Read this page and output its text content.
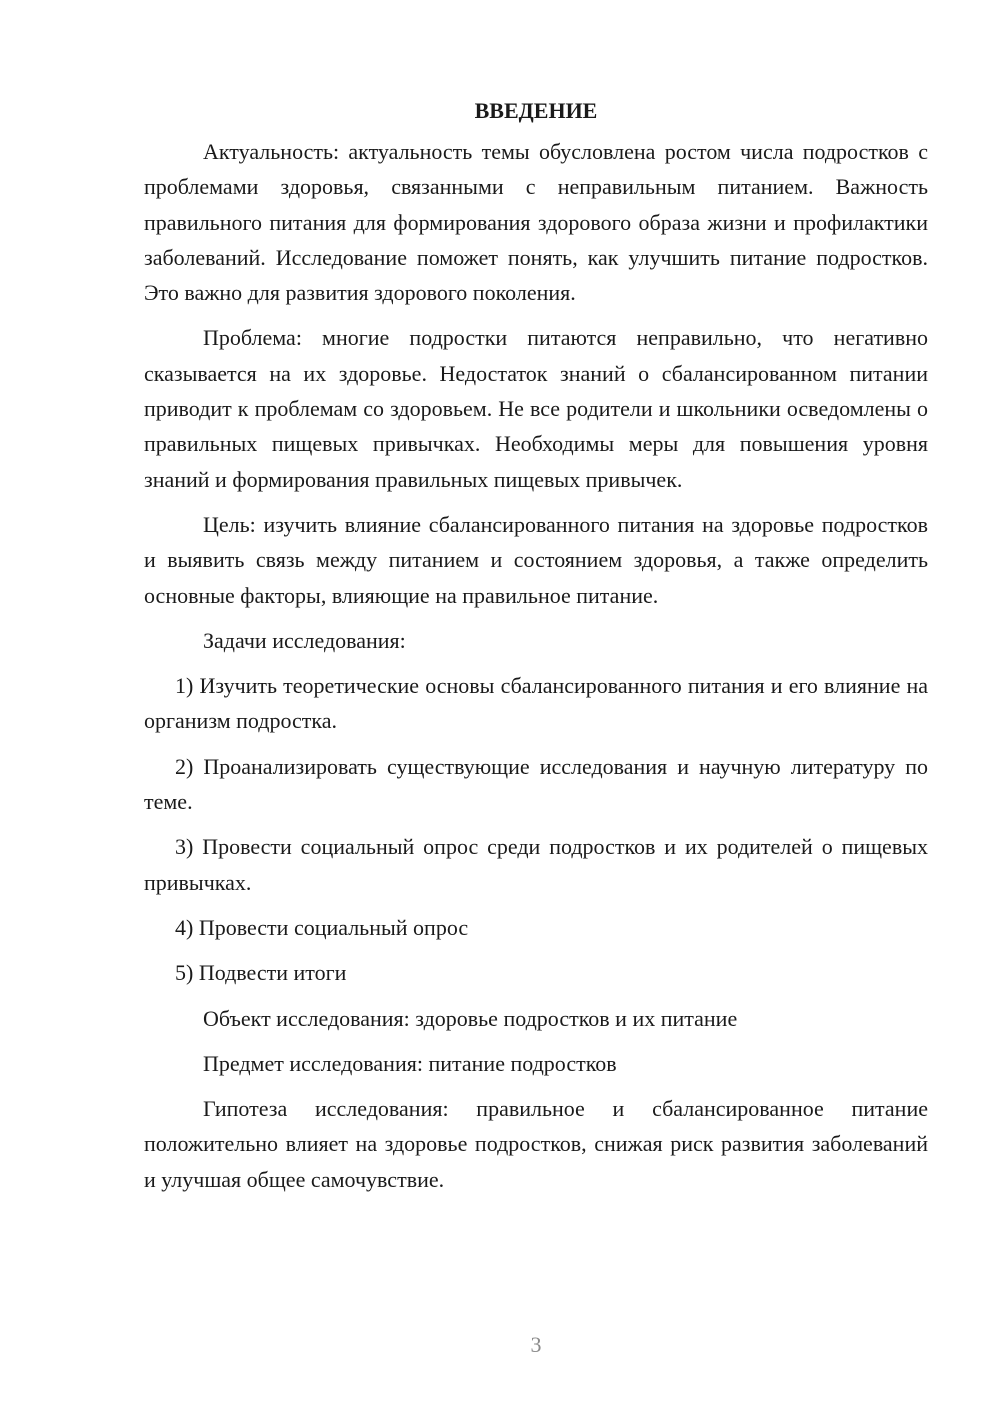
ВВЕДЕНИЕ

Актуальность: актуальность темы обусловлена ростом числа подростков с проблемами здоровья, связанными с неправильным питанием. Важность правильного питания для формирования здорового образа жизни и профилактики заболеваний. Исследование поможет понять, как улучшить питание подростков. Это важно для развития здорового поколения.

Проблема: многие подростки питаются неправильно, что негативно сказывается на их здоровье. Недостаток знаний о сбалансированном питании приводит к проблемам со здоровьем. Не все родители и школьники осведомлены о правильных пищевых привычках. Необходимы меры для повышения уровня знаний и формирования правильных пищевых привычек.

Цель: изучить влияние сбалансированного питания на здоровье подростков и выявить связь между питанием и состоянием здоровья, а также определить основные факторы, влияющие на правильное питание.

Задачи исследования:

1) Изучить теоретические основы сбалансированного питания и его влияние на организм подростка.

2) Проанализировать существующие исследования и научную литературу по теме.

3) Провести социальный опрос среди подростков и их родителей о пищевых привычках.

4) Провести социальный опрос

5) Подвести итоги

Объект исследования: здоровье подростков и их питание

Предмет исследования: питание подростков

Гипотеза исследования: правильное и сбалансированное питание положительно влияет на здоровье подростков, снижая риск развития заболеваний и улучшая общее самочувствие.

3
